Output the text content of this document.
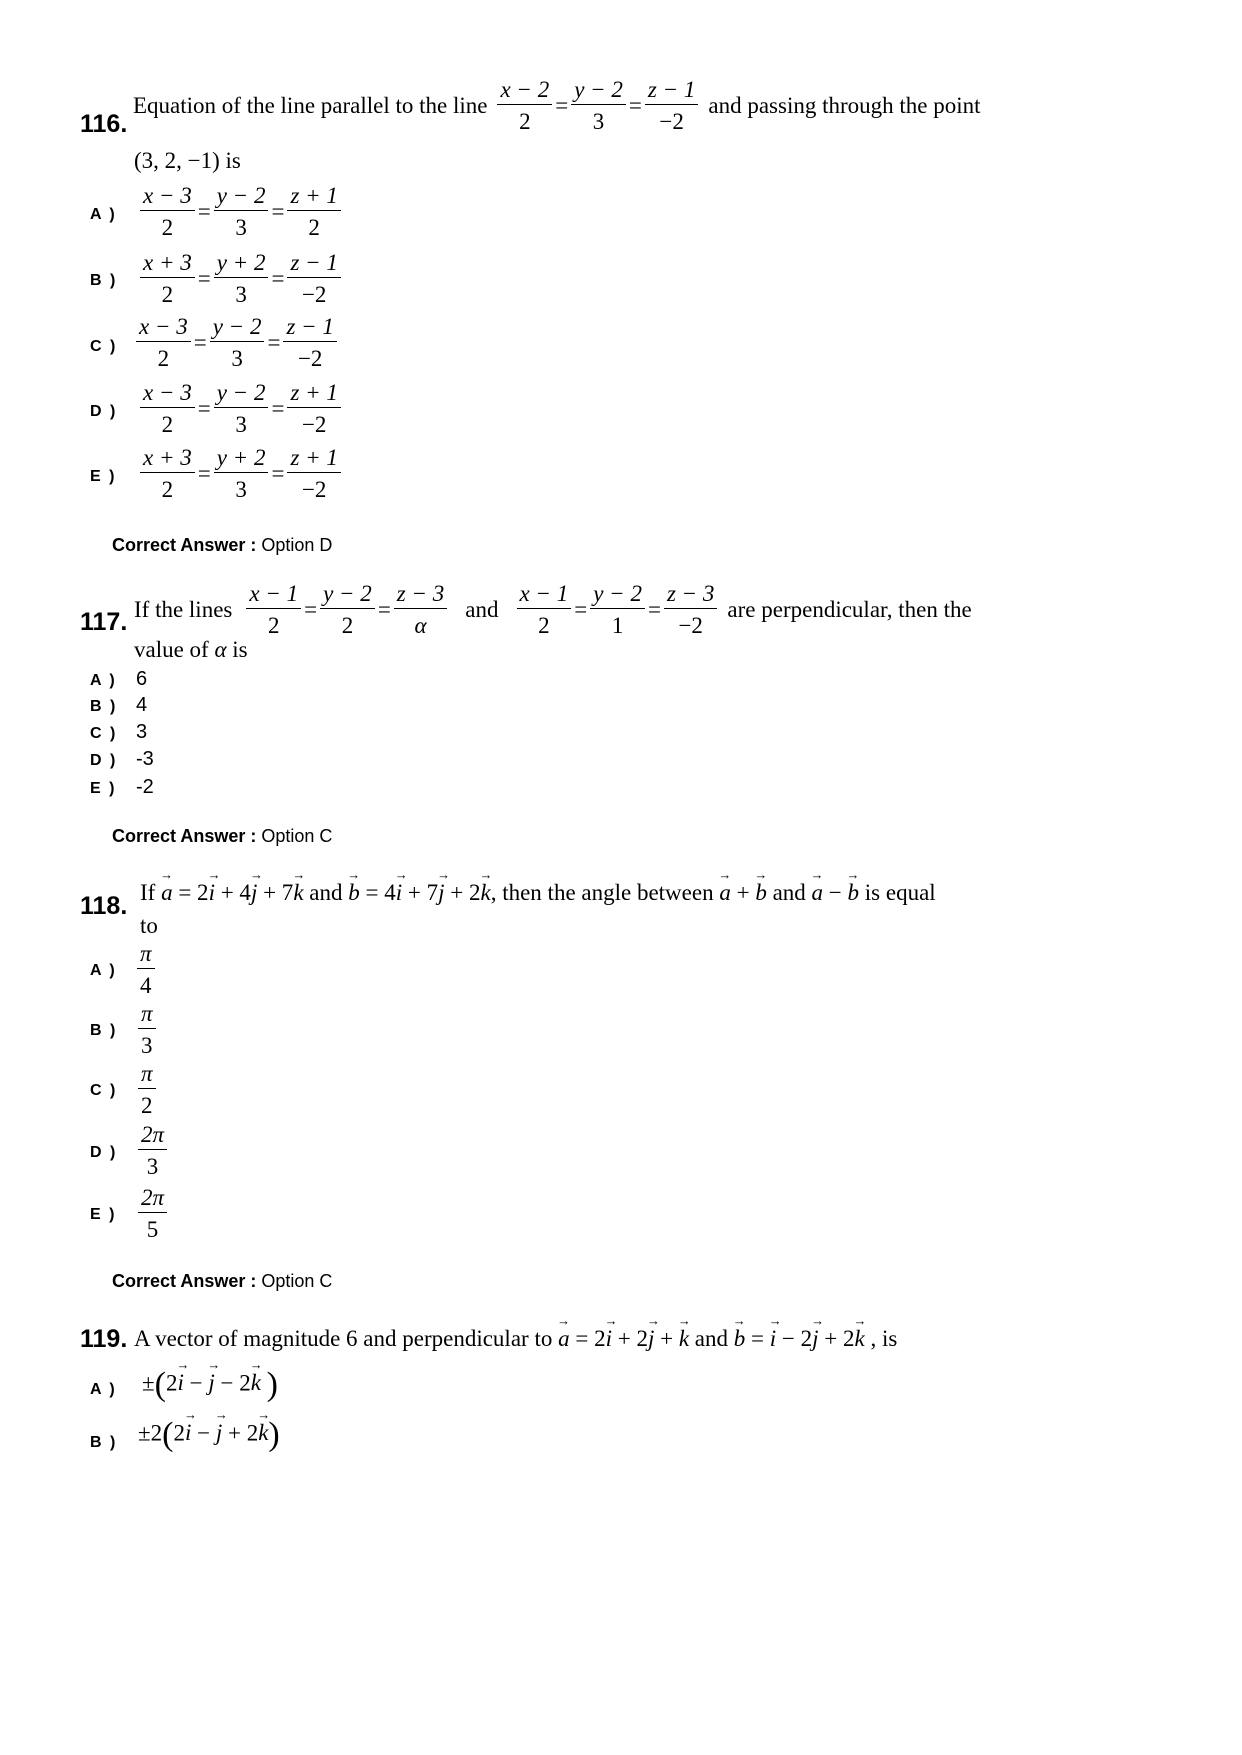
Equation of the line parallel to the line $\frac{x - 2}{2} = \frac{y - 2}{3} = \frac{z - 1}{-2}$ and passing through the point
116.
(3, 2, −1) is
A ) $\frac{x - 3}{2} = \frac{y - 2}{3} = \frac{z + 1}{2}$
B ) $\frac{x + 3}{2} = \frac{y + 2}{3} = \frac{z - 1}{-2}$
C ) $\frac{x - 3}{2} = \frac{y - 2}{3} = \frac{z - 1}{-2}$
D ) $\frac{x - 3}{2} = \frac{y - 2}{3} = \frac{z + 1}{-2}$
E ) $\frac{x + 3}{2} = \frac{y + 2}{3} = \frac{z + 1}{-2}$
Correct Answer : Option D
If the lines $\frac{x - 1}{2} = \frac{y - 2}{2} = \frac{z - 3}{\alpha}$ and $\frac{x - 1}{2} = \frac{y - 2}{1} = \frac{z - 3}{-2}$ are perpendicular, then the
117.
value of α is
A ) 6
B ) 4
C ) 3
D ) -3
E ) -2
Correct Answer : Option C
118. If → a = 2→ i + 4→ j + 7→ k and → b = 4→ i + 7→ j + 2→ k, then the angle between → a + → b and → a − → b is equal
to
A ) $\frac{\pi}{4}$
B ) $\frac{\pi}{3}$
C ) $\frac{\pi}{2}$
D ) $\frac{2\pi}{3}$
E ) $\frac{2\pi}{5}$
Correct Answer : Option C
119. A vector of magnitude 6 and perpendicular to → a = 2→ i + 2→ j + → k and → b = → i − 2→ j + 2→ k , is
A ) ±(2→ i − → j − 2→ k )
B ) ±2(2→ i − → j + 2→ k)
